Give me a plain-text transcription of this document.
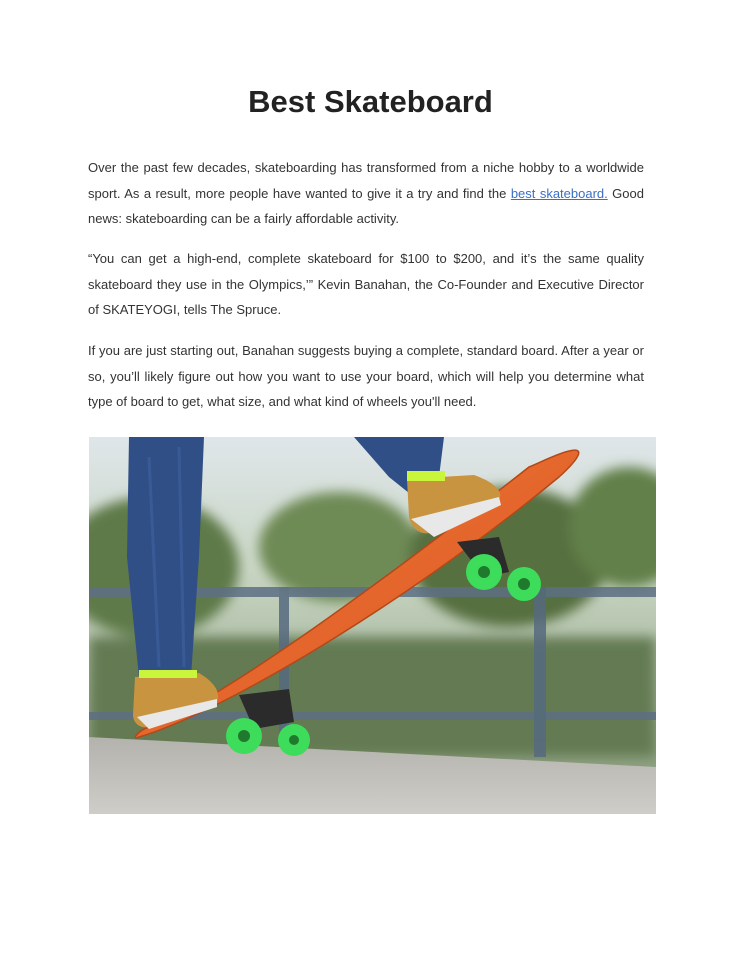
Best Skateboard

Over the past few decades, skateboarding has transformed from a niche hobby to a worldwide sport. As a result, more people have wanted to give it a try and find the best skateboard. Good news: skateboarding can be a fairly affordable activity.

“You can get a high-end, complete skateboard for $100 to $200, and it’s the same quality skateboard they use in the Olympics,’” Kevin Banahan, the Co-Founder and Executive Director of SKATEYOGI, tells The Spruce.

If you are just starting out, Banahan suggests buying a complete, standard board. After a year or so, you’ll likely figure out how you want to use your board, which will help you determine what type of board to get, what size, and what kind of wheels you'll need.
